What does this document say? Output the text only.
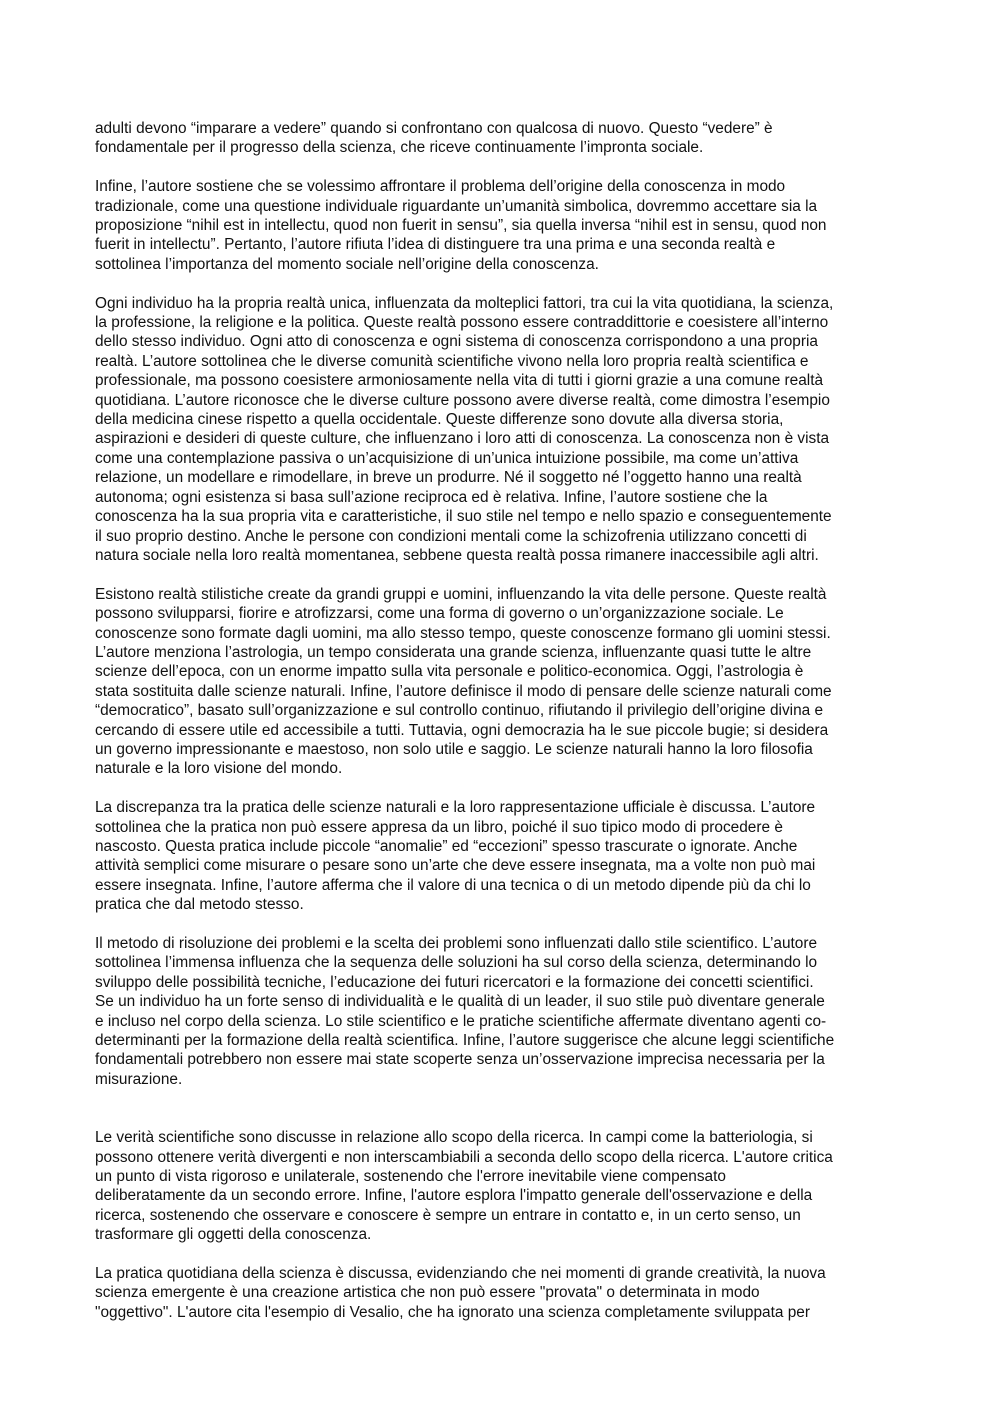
adulti devono “imparare a vedere” quando si confrontano con qualcosa di nuovo. Questo “vedere” è
fondamentale per il progresso della scienza, che riceve continuamente l’impronta sociale.

Infine, l’autore sostiene che se volessimo affrontare il problema dell’origine della conoscenza in modo
tradizionale, come una questione individuale riguardante un’umanità simbolica, dovremmo accettare sia la
proposizione “nihil est in intellectu, quod non fuerit in sensu”, sia quella inversa “nihil est in sensu, quod non
fuerit in intellectu”. Pertanto, l’autore rifiuta l’idea di distinguere tra una prima e una seconda realtà e
sottolinea l’importanza del momento sociale nell’origine della conoscenza.

Ogni individuo ha la propria realtà unica, influenzata da molteplici fattori, tra cui la vita quotidiana, la scienza,
la professione, la religione e la politica. Queste realtà possono essere contraddittorie e coesistere all’interno
dello stesso individuo. Ogni atto di conoscenza e ogni sistema di conoscenza corrispondono a una propria
realtà. L’autore sottolinea che le diverse comunità scientifiche vivono nella loro propria realtà scientifica e
professionale, ma possono coesistere armoniosamente nella vita di tutti i giorni grazie a una comune realtà
quotidiana. L’autore riconosce che le diverse culture possono avere diverse realtà, come dimostra l’esempio
della medicina cinese rispetto a quella occidentale. Queste differenze sono dovute alla diversa storia,
aspirazioni e desideri di queste culture, che influenzano i loro atti di conoscenza. La conoscenza non è vista
come una contemplazione passiva o un’acquisizione di un’unica intuizione possibile, ma come un’attiva
relazione, un modellare e rimodellare, in breve un produrre. Né il soggetto né l’oggetto hanno una realtà
autonoma; ogni esistenza si basa sull’azione reciproca ed è relativa. Infine, l’autore sostiene che la
conoscenza ha la sua propria vita e caratteristiche, il suo stile nel tempo e nello spazio e conseguentemente
il suo proprio destino. Anche le persone con condizioni mentali come la schizofrenia utilizzano concetti di
natura sociale nella loro realtà momentanea, sebbene questa realtà possa rimanere inaccessibile agli altri.

Esistono realtà stilistiche create da grandi gruppi e uomini, influenzando la vita delle persone. Queste realtà
possono svilupparsi, fiorire e atrofizzarsi, come una forma di governo o un’organizzazione sociale. Le
conoscenze sono formate dagli uomini, ma allo stesso tempo, queste conoscenze formano gli uomini stessi.
L’autore menziona l’astrologia, un tempo considerata una grande scienza, influenzante quasi tutte le altre
scienze dell’epoca, con un enorme impatto sulla vita personale e politico-economica. Oggi, l’astrologia è
stata sostituita dalle scienze naturali. Infine, l’autore definisce il modo di pensare delle scienze naturali come
“democratico”, basato sull’organizzazione e sul controllo continuo, rifiutando il privilegio dell’origine divina e
cercando di essere utile ed accessibile a tutti. Tuttavia, ogni democrazia ha le sue piccole bugie; si desidera
un governo impressionante e maestoso, non solo utile e saggio. Le scienze naturali hanno la loro filosofia
naturale e la loro visione del mondo.

La discrepanza tra la pratica delle scienze naturali e la loro rappresentazione ufficiale è discussa. L’autore
sottolinea che la pratica non può essere appresa da un libro, poiché il suo tipico modo di procedere è
nascosto. Questa pratica include piccole “anomalie” ed “eccezioni” spesso trascurate o ignorate. Anche
attività semplici come misurare o pesare sono un’arte che deve essere insegnata, ma a volte non può mai
essere insegnata. Infine, l’autore afferma che il valore di una tecnica o di un metodo dipende più da chi lo
pratica che dal metodo stesso.

Il metodo di risoluzione dei problemi e la scelta dei problemi sono influenzati dallo stile scientifico. L’autore
sottolinea l’immensa influenza che la sequenza delle soluzioni ha sul corso della scienza, determinando lo
sviluppo delle possibilità tecniche, l’educazione dei futuri ricercatori e la formazione dei concetti scientifici.
Se un individuo ha un forte senso di individualità e le qualità di un leader, il suo stile può diventare generale
e incluso nel corpo della scienza. Lo stile scientifico e le pratiche scientifiche affermate diventano agenti co-
determinanti per la formazione della realtà scientifica. Infine, l’autore suggerisce che alcune leggi scientifiche
fondamentali potrebbero non essere mai state scoperte senza un’osservazione imprecisa necessaria per la
misurazione.

Le verità scientifiche sono discusse in relazione allo scopo della ricerca. In campi come la batteriologia, si
possono ottenere verità divergenti e non interscambiabili a seconda dello scopo della ricerca. L'autore critica
un punto di vista rigoroso e unilaterale, sostenendo che l'errore inevitabile viene compensato
deliberatamente da un secondo errore. Infine, l'autore esplora l'impatto generale dell'osservazione e della
ricerca, sostenendo che osservare e conoscere è sempre un entrare in contatto e, in un certo senso, un
trasformare gli oggetti della conoscenza.

La pratica quotidiana della scienza è discussa, evidenziando che nei momenti di grande creatività, la nuova
scienza emergente è una creazione artistica che non può essere "provata" o determinata in modo
"oggettivo". L'autore cita l'esempio di Vesalio, che ha ignorato una scienza completamente sviluppata per
